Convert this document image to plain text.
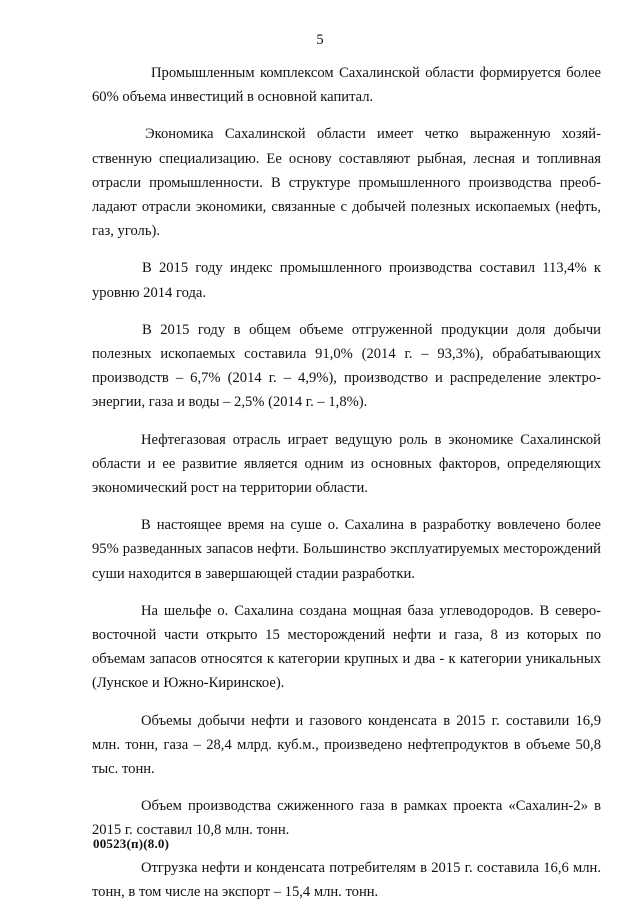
5

Промышленным комплексом Сахалинской области формируется более 60% объема инвестиций в основной капитал.

Экономика Сахалинской области имеет четко выраженную хозяйственную специализацию. Ее основу составляют рыбная, лесная и топливная отрасли промышленности. В структуре промышленного производства преобладают отрасли экономики, связанные с добычей полезных ископаемых (нефть, газ, уголь).

В 2015 году индекс промышленного производства составил 113,4% к уровню 2014 года.

В 2015 году в общем объеме отгруженной продукции доля добычи полезных ископаемых составила 91,0% (2014 г. – 93,3%), обрабатывающих производств – 6,7% (2014 г. – 4,9%), производство и распределение электроэнергии, газа и воды – 2,5% (2014 г. – 1,8%).

Нефтегазовая отрасль играет ведущую роль в экономике Сахалинской области и ее развитие является одним из основных факторов, определяющих экономический рост на территории области.

В настоящее время на суше о. Сахалина в разработку вовлечено более 95% разведанных запасов нефти. Большинство эксплуатируемых месторождений суши находится в завершающей стадии разработки.

На шельфе о. Сахалина создана мощная база углеводородов. В северо-восточной части открыто 15 месторождений нефти и газа, 8 из которых по объемам запасов относятся к категории крупных и два - к категории уникальных (Лунское и Южно-Киринское).

Объемы добычи нефти и газового конденсата в 2015 г. составили 16,9 млн. тонн, газа – 28,4 млрд. куб.м., произведено нефтепродуктов в объеме 50,8 тыс. тонн.

Объем производства сжиженного газа в рамках проекта «Сахалин-2» в 2015 г. составил 10,8 млн. тонн.

Отгрузка нефти и конденсата потребителям в 2015 г. составила 16,6 млн. тонн, в том числе на экспорт – 15,4 млн. тонн.

00523(п)(8.0)
